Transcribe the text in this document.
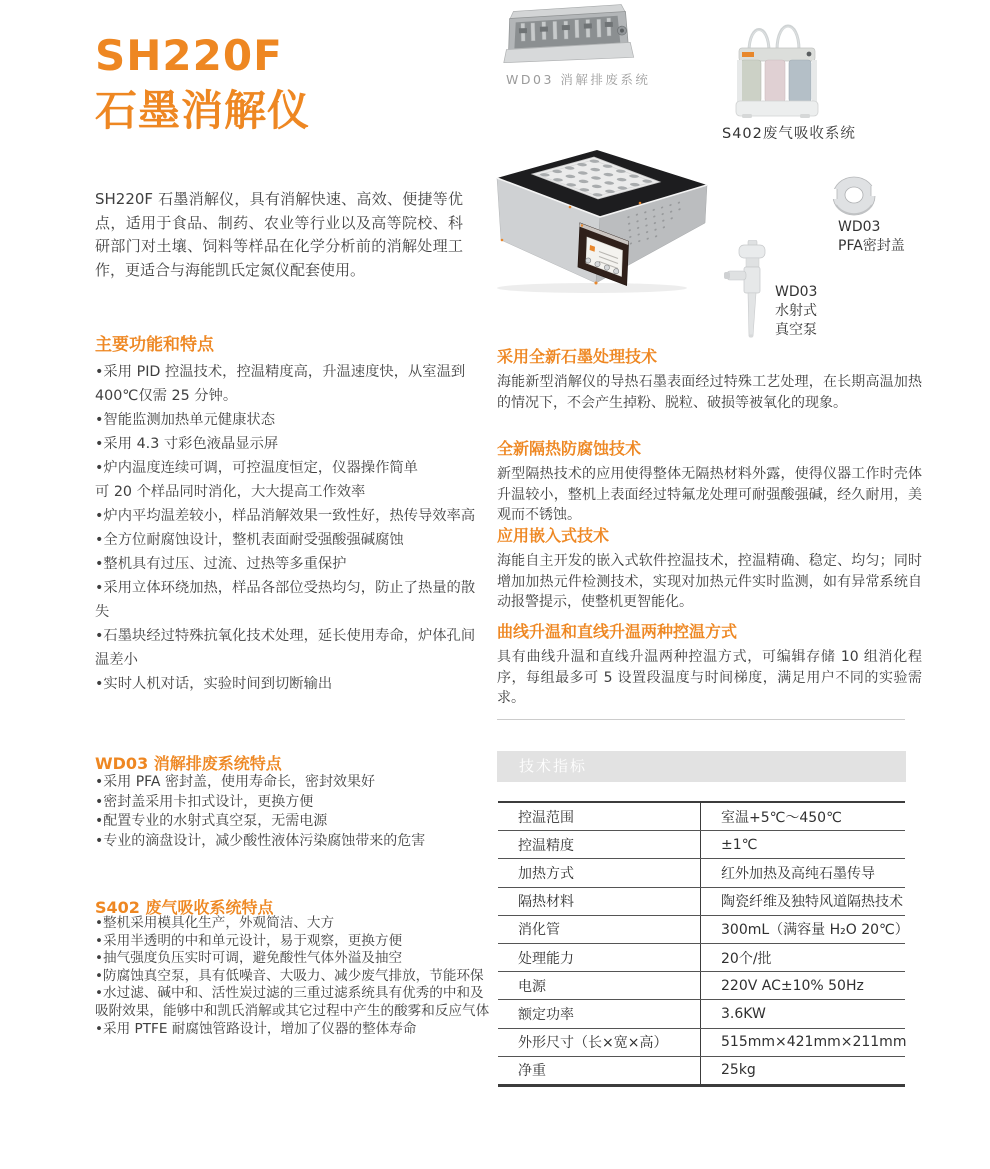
SH220F
石墨消解仪
SH220F 石墨消解仪，具有消解快速、高效、便捷等优点，适用于食品、制药、农业等行业以及高等院校、科研部门对土壤、饲料等样品在化学分析前的消解处理工作，更适合与海能凯氏定氮仪配套使用。
主要功能和特点
•采用 PID 控温技术，控温精度高，升温速度快，从室温到 400℃仅需 25 分钟。
•智能监测加热单元健康状态
•采用 4.3 寸彩色液晶显示屏
•炉内温度连续可调，可控温度恒定，仪器操作简单
可 20 个样品同时消化，大大提高工作效率
•炉内平均温差较小，样品消解效果一致性好，热传导效率高
•全方位耐腐蚀设计，整机表面耐受强酸强碱腐蚀
•整机具有过压、过流、过热等多重保护
•采用立体环绕加热，样品各部位受热均匀，防止了热量的散失
•石墨块经过特殊抗氧化技术处理，延长使用寿命，炉体孔间温差小
•实时人机对话，实验时间到切断输出
WD03 消解排废系统特点
•采用 PFA 密封盖，使用寿命长，密封效果好
•密封盖采用卡扣式设计，更换方便
•配置专业的水射式真空泵，无需电源
•专业的滴盘设计，减少酸性液体污染腐蚀带来的危害
S402 废气吸收系统特点
•整机采用模具化生产，外观简洁、大方
•采用半透明的中和单元设计，易于观察，更换方便
•抽气强度负压实时可调，避免酸性气体外溢及抽空
•防腐蚀真空泵，具有低噪音、大吸力、减少废气排放，节能环保
•水过滤、碱中和、活性炭过滤的三重过滤系统具有优秀的中和及吸附效果，能够中和凯氏消解或其它过程中产生的酸雾和反应气体
•采用 PTFE 耐腐蚀管路设计，增加了仪器的整体寿命
WD03 消解排废系统
S402废气吸收系统
WD03
PFA密封盖
WD03
水射式
真空泵
采用全新石墨处理技术
海能新型消解仪的导热石墨表面经过特殊工艺处理，在长期高温加热的情况下，不会产生掉粉、脱粒、破损等被氧化的现象。
全新隔热防腐蚀技术
新型隔热技术的应用使得整体无隔热材料外露，使得仪器工作时壳体升温较小，整机上表面经过特氟龙处理可耐强酸强碱，经久耐用，美观而不锈蚀。
应用嵌入式技术
海能自主开发的嵌入式软件控温技术，控温精确、稳定、均匀；同时增加加热元件检测技术，实现对加热元件实时监测，如有异常系统自动报警提示，使整机更智能化。
曲线升温和直线升温两种控温方式
具有曲线升温和直线升温两种控温方式，可编辑存储 10 组消化程序，每组最多可 5 设置段温度与时间梯度，满足用户不同的实验需求。
技术指标
控温范围	室温+5℃～450℃
控温精度	±1℃
加热方式	红外加热及高纯石墨传导
隔热材料	陶瓷纤维及独特风道隔热技术
消化管	300mL（满容量 H₂O 20℃）
处理能力	20个/批
电源	220V AC±10% 50Hz
额定功率	3.6KW
外形尺寸（长×宽×高）	515mm×421mm×211mm
净重	25kg
